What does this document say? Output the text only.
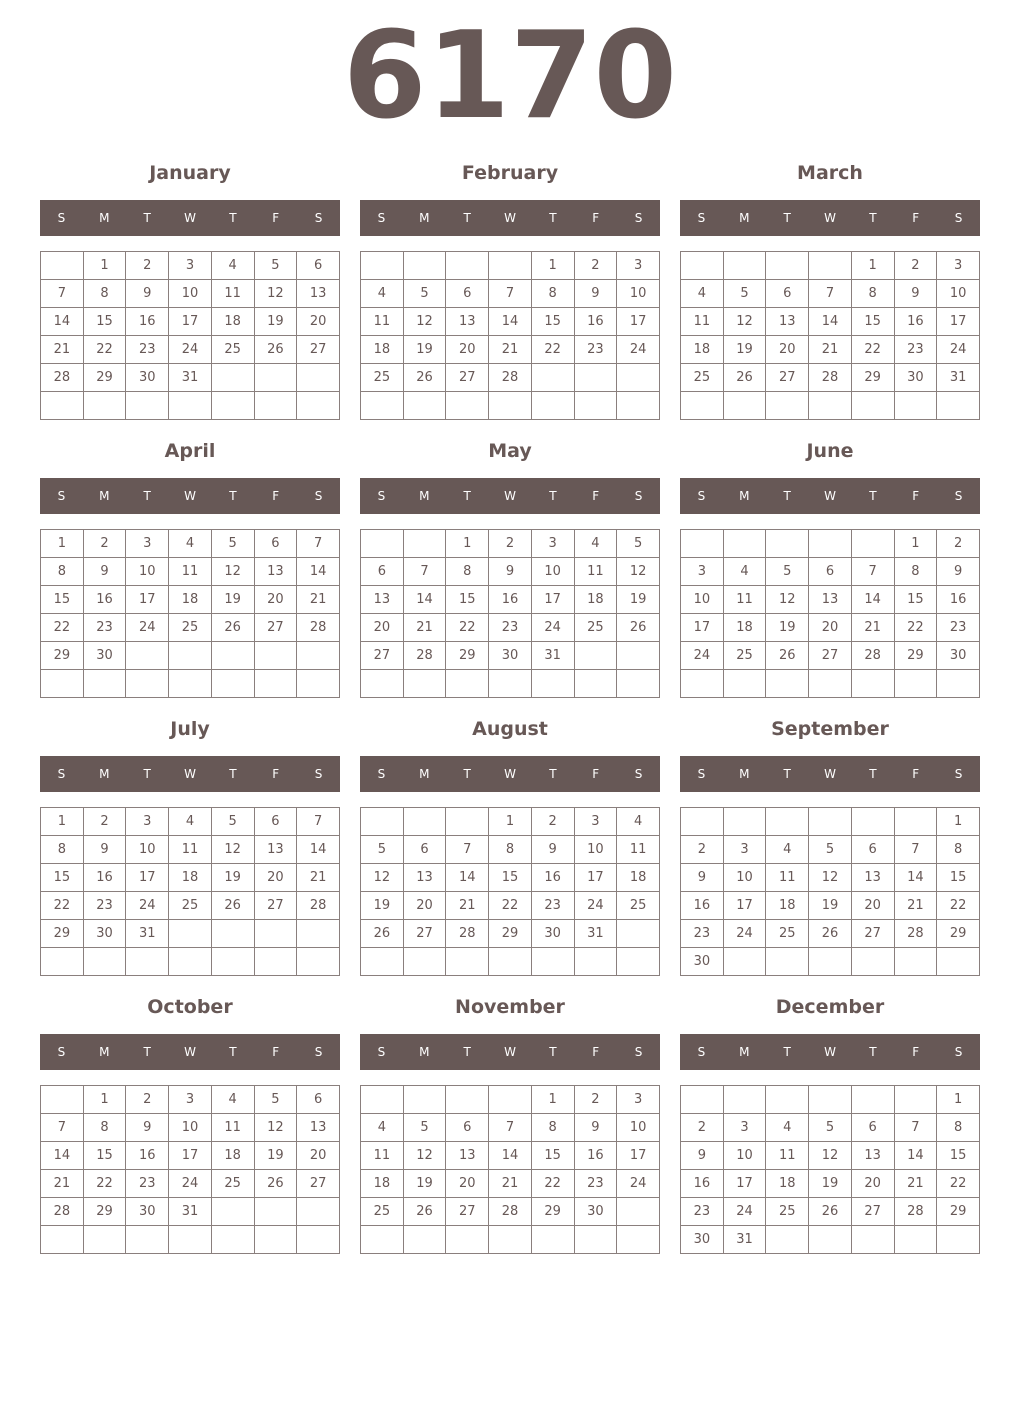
6170
January
S	M	T	W	T	F	S
	1	2	3	4	5	6
7	8	9	10	11	12	13
14	15	16	17	18	19	20
21	22	23	24	25	26	27
28	29	30	31			

February
S	M	T	W	T	F	S
				1	2	3
4	5	6	7	8	9	10
11	12	13	14	15	16	17
18	19	20	21	22	23	24
25	26	27	28			

March
S	M	T	W	T	F	S
				1	2	3
4	5	6	7	8	9	10
11	12	13	14	15	16	17
18	19	20	21	22	23	24
25	26	27	28	29	30	31

April
S	M	T	W	T	F	S
1	2	3	4	5	6	7
8	9	10	11	12	13	14
15	16	17	18	19	20	21
22	23	24	25	26	27	28
29	30					

May
S	M	T	W	T	F	S
		1	2	3	4	5
6	7	8	9	10	11	12
13	14	15	16	17	18	19
20	21	22	23	24	25	26
27	28	29	30	31		

June
S	M	T	W	T	F	S
					1	2
3	4	5	6	7	8	9
10	11	12	13	14	15	16
17	18	19	20	21	22	23
24	25	26	27	28	29	30

July
S	M	T	W	T	F	S
1	2	3	4	5	6	7
8	9	10	11	12	13	14
15	16	17	18	19	20	21
22	23	24	25	26	27	28
29	30	31				

August
S	M	T	W	T	F	S
			1	2	3	4
5	6	7	8	9	10	11
12	13	14	15	16	17	18
19	20	21	22	23	24	25
26	27	28	29	30	31	

September
S	M	T	W	T	F	S
						1
2	3	4	5	6	7	8
9	10	11	12	13	14	15
16	17	18	19	20	21	22
23	24	25	26	27	28	29
30						
October
S	M	T	W	T	F	S
	1	2	3	4	5	6
7	8	9	10	11	12	13
14	15	16	17	18	19	20
21	22	23	24	25	26	27
28	29	30	31			

November
S	M	T	W	T	F	S
				1	2	3
4	5	6	7	8	9	10
11	12	13	14	15	16	17
18	19	20	21	22	23	24
25	26	27	28	29	30	

December
S	M	T	W	T	F	S
						1
2	3	4	5	6	7	8
9	10	11	12	13	14	15
16	17	18	19	20	21	22
23	24	25	26	27	28	29
30	31					
